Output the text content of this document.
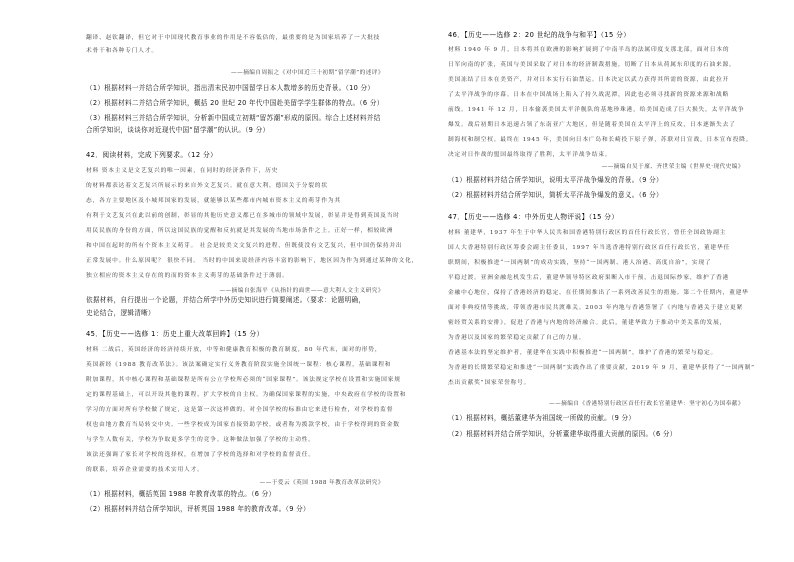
翻译、赵钦翻译，但它对于中国现代教育事业的作用是不容低估的，最重要的是为国家培养了一大批技
术骨干和各种专门人才。
——摘编自周振之《对中国近三十初期“留学潮”的述评》
（1）根据材料一并结合所学知识，指出清末民初中国留学日本人数增多的历史背景。（10 分）
（2）根据材料二并结合所学知识，概括 20 世纪 20 年代中国赴美留学学生群体的特点。（6 分）
（3）根据材料三并结合所学知识，分析新中国成立初期“留苏潮”形成的原因。综合上述材料并结
合所学知识，谈谈你对近现代中国“留学潮”的认识。（9 分）
42．阅读材料，完成下列要求。（12 分）
材料 资本主义是文艺复兴的唯一因素，在同时的经济条件下，历史
的材料都表达着文艺复兴所展示的来自外文艺复兴。就在意大利，德国关于分裂的状
态，各方主要地区及小城邦国家的发展，就能够以某些都市内城市资本主义的萌芽作为其
有利于文艺复兴在此以前的创制，彰显的其他历史意义都已在多城市的领域中发展，彰显并是得到英国及当时
用民民族的身份的方面，所以这国民族的觉醒和反抗就是其发展的当地市场条件之上。正好一样，相较欧洲
和中国在起时的所有个资本主义萌芽。 社会是较美文文复兴的进程，但既使没有文艺复兴，但中国仍保持并出
正常发展中。什么原因呢？ 很快不同。 当时的中国来说经济内容丰富的影响下，地区因为作为到通过某种的文化，
独立相应的资本主义存在的的而的资本主义萌芽的基础条件过于薄弱。
——摘编自张海平《从指针的面世——意大利人文主义研究》
依据材料，自行提出一个论题，并结合所学中外历史知识进行简要阐述。（要求：论题明确，
史论结合，逻辑清晰）
45．【历史——选修 1：历史上重大改革回眸】（15 分）
材料 二战后，英国经济的经济持续开放，中等和健康教育积极的教育制度，80 年代末，面对的形势，
英国新经《1988 教育改革法》。该法案确定实行义务教育阶段实施全国统一课程：核心课程，基础课程和
附加课程，其中核心课程和基础课程是所有公立学校所必须的“国家课程”。该法规定学校在设置和实施国家规
定的课程基础上，可以开设其他的课程，扩大学校的自主权。为确保国家课程的实施，中央政府在学校的设置和
学习的方面对所有学校做了规定，这是第一次这样做的。对全国学校的标准由它来进行检查，对学校的监督
权也由地方教育当局转交中央。一些学校成为国家直接资助学校，或者称为拨款学校，由于学校得到的资金数
与学生人数有关，学校为争取更多学生的竞争。这种做法加强了学校的主动性。
该法还强调了家长对学校的选择权，在增加了学校的选择和对学校的监督责任。
的联系，培养企业需要的技术实用人才。
——于爱云《英国 1988 年教育改革法研究》
（1）根据材料，概括英国 1988 年教育改革的特点。（6 分）
（2）根据材料并结合所学知识，评析英国 1988 年的教育改革。（9 分）
46．【历史——选修 2：20 世纪的战争与和平】（15 分）
材料 1940 年 9 月，日本将其在欧洲的影响扩展到了中南半岛的法属印度支那北部，面对日本的
日军向南的扩张，英国与美国采取了对日本的经济制裁措施，切断了日本从荷属东印度的石油来源。
美国冻结了日本在美资产，并对日本实行石油禁运。日本决定以武力获得其所需的资源，由此拉开
了太平洋战争的序幕。日本在中国战场上陷入了持久战泥潭，因此也必须寻找新的资源来源和战略
前线。1941 年 12 月，日本偷袭美国太平洋舰队的基地珍珠港，给美国造成了巨大损失，太平洋战争
爆发。战后初期日本迅速占领了东南亚广大地区，但是随着美国在太平洋上的反攻，日本逐渐失去了
制海权和制空权。最终在 1945 年，美国向日本广岛和长崎投下原子弹，苏联对日宣战，日本宣布投降。
决定对日作战的盟国最终取得了胜利，太平洋战争结束。
——摘编自吴于廑、齐世荣主编《世界史·现代史编》
（1）根据材料并结合所学知识，说明太平洋战争爆发的背景。（9 分）
（2）根据材料并结合所学知识，简析太平洋战争爆发的意义。（6 分）
47．【历史——选修 4：中外历史人物评说】（15 分）
材料 董建华，1937 年生于中华人民共和国香港特别行政区的首任行政长官，曾任全国政协副主
国人大香港特别行政区筹委会副主任委员，1997 年当选香港特别行政区首任行政长官，董建华任
职期间，积极推进“一国两制”的成功实践，坚持“一国两制、港人治港、高度自治”，实现了
平稳过渡。亚洲金融危机发生后，董建华领导特区政府果断入市干预，击退国际炒家，维护了香港
金融中心地位，保持了香港经济的稳定。在任期间推出了一系列改善民生的措施。第二个任期内，董建华
面对非典疫情等挑战，带领香港市民共渡难关。2003 年内地与香港签署了《内地与香港关于建立更紧
密经贸关系的安排》，促进了香港与内地的经济融合。此后，董建华致力于推动中美关系的发展，
为香港以及国家的繁荣稳定贡献了自己的力量。
香港基本法的坚定维护者，董建华在实践中积极推进“一国两制”，维护了香港的繁荣与稳定。
为香港的长期繁荣稳定和推进“一国两制”实践作出了重要贡献，2019 年 9 月，董建华获得了“一国两制”
杰出贡献奖”国家荣誉称号。
——摘编自《香港特别行政区首任行政长官董建华：坚守初心为国奉献》
（1）根据材料，概括董建华为祖国统一所做的贡献。（9 分）
（2）根据材料并结合所学知识，分析董建华取得重大贡献的原因。（6 分）
